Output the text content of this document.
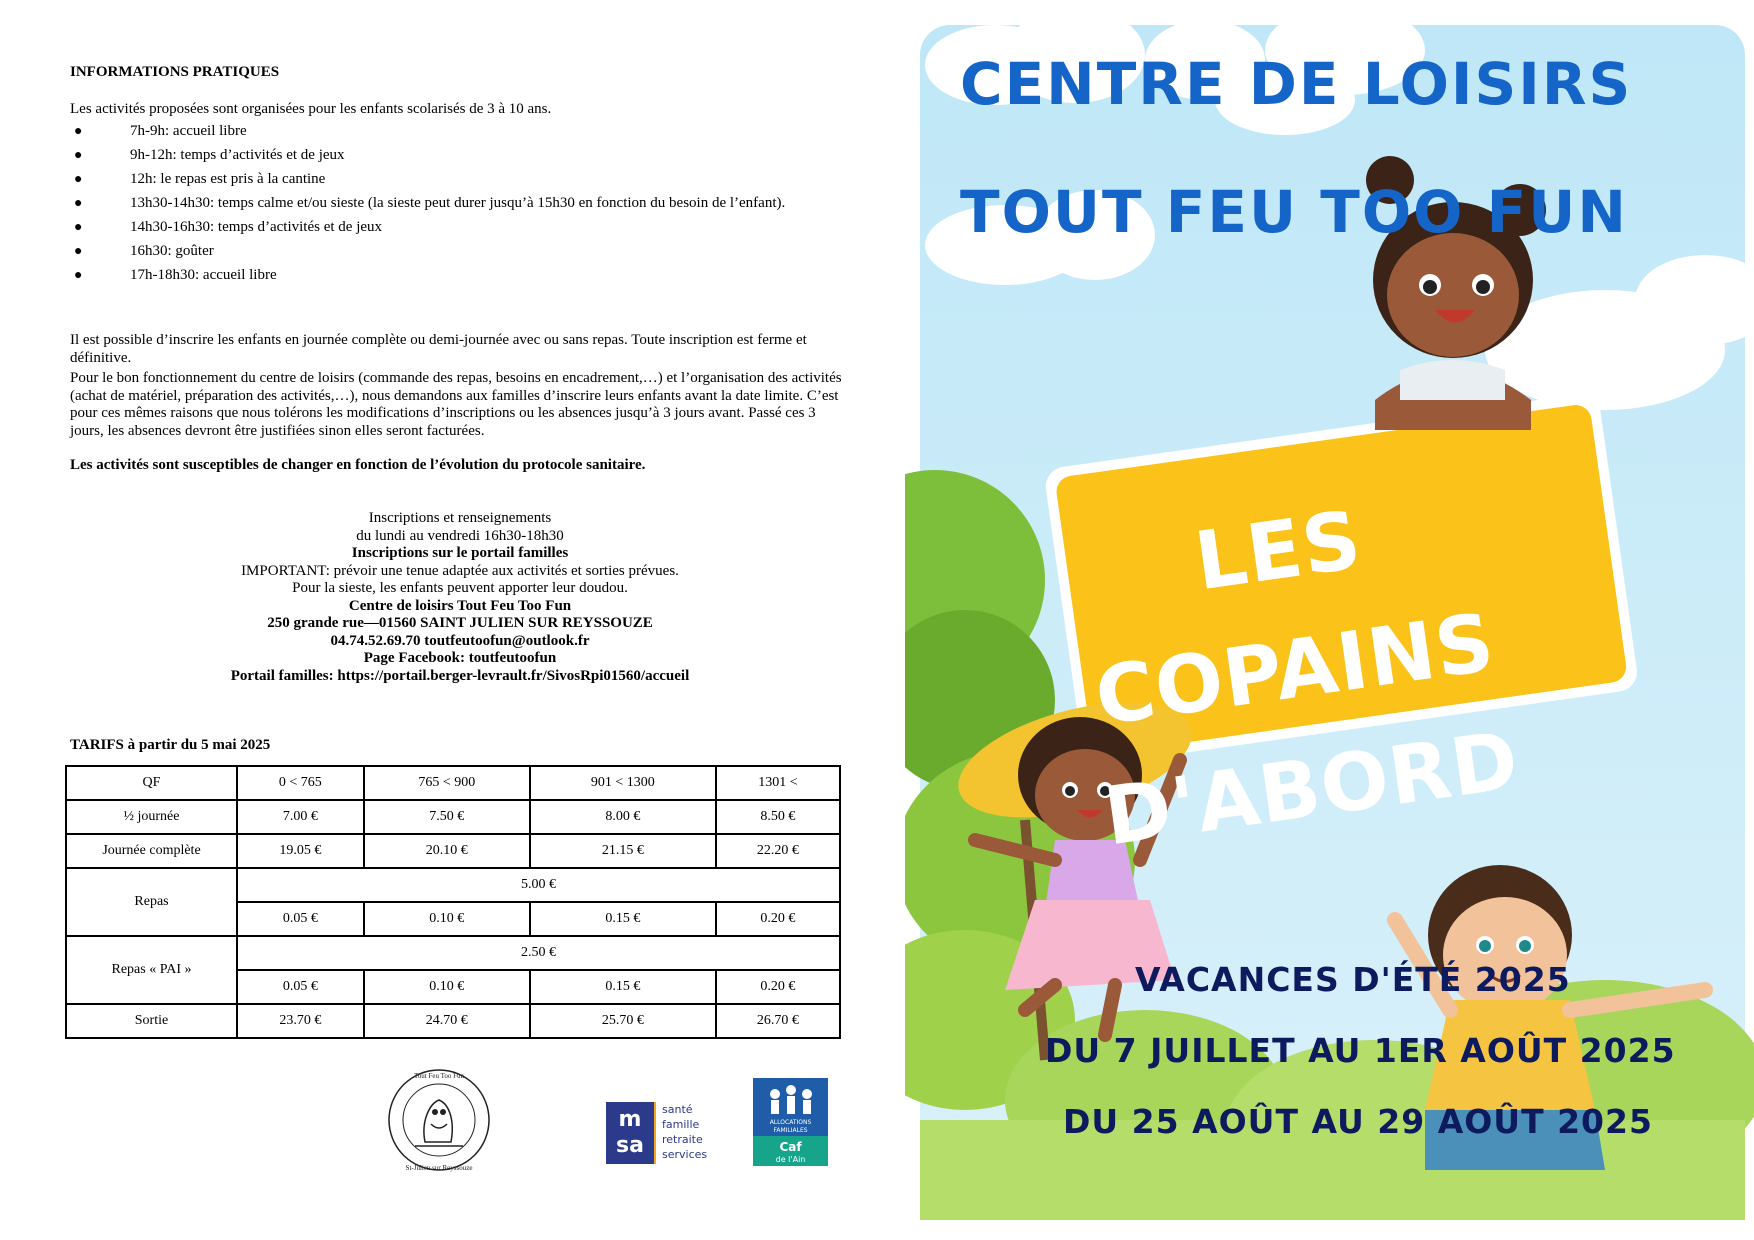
INFORMATIONS PRATIQUES
Les activités proposées sont organisées pour les enfants scolarisés de 3 à 10 ans.
●	7h-9h: accueil libre
●	9h-12h: temps d’activités et de jeux
●	12h: le repas est pris à la cantine
●	13h30-14h30: temps calme et/ou sieste (la sieste peut durer jusqu’à 15h30 en fonction du besoin de l’enfant).
●	14h30-16h30: temps d’activités et de jeux
●	16h30: goûter
●	17h-18h30: accueil libre
Il est possible d’inscrire les enfants en journée complète ou demi-journée avec ou sans repas. Toute inscription est ferme et définitive.
Pour le bon fonctionnement du centre de loisirs (commande des repas, besoins en encadrement,…) et l’organisation des activités (achat de matériel, préparation des activités,…), nous demandons aux familles d’inscrire leurs enfants avant la date limite. C’est pour ces mêmes raisons que nous tolérons les modifications d’inscriptions ou les absences jusqu’à 3 jours avant. Passé ces 3 jours, les absences devront être justifiées sinon elles seront facturées.
Les activités sont susceptibles de changer en fonction de l’évolution du protocole sanitaire.
Inscriptions et renseignements
du lundi au vendredi 16h30-18h30
Inscriptions sur le portail familles
IMPORTANT: prévoir une tenue adaptée aux activités et sorties prévues.
Pour la sieste, les enfants peuvent apporter leur doudou.
Centre de loisirs Tout Feu Too Fun
250 grande rue—01560 SAINT JULIEN SUR REYSSOUZE
04.74.52.69.70 toutfeutoofun@outlook.fr
Page Facebook: toutfeutoofun
Portail familles: https://portail.berger-levrault.fr/SivosRpi01560/accueil
TARIFS à partir du 5 mai 2025
QF	0 < 765	765 < 900	901 < 1300	1301 <
½ journée	7.00 €	7.50 €	8.00 €	8.50 €
Journée complète	19.05 €	20.10 €	21.15 €	22.20 €
Repas	5.00 €			
	0.05 €	0.10 €	0.15 €	0.20 €
Repas « PAI »	2.50 €			
	0.05 €	0.10 €	0.15 €	0.20 €
Sortie	23.70 €	24.70 €	25.70 €	26.70 €
Tout Feu Too Fun
St-Julien sur Reyssouze
m
sa
santé
famille
retraite
services
ALLOCATIONS
FAMILIALES
Caf
de l'Ain
CENTRE DE LOISIRS
TOUT FEU TOO FUN
LES COPAINS
D'ABORD
VACANCES D'ÉTÉ 2025
DU 7 JUILLET AU 1ER AOÛT 2025
DU 25 AOÛT AU 29 AOÛT 2025
